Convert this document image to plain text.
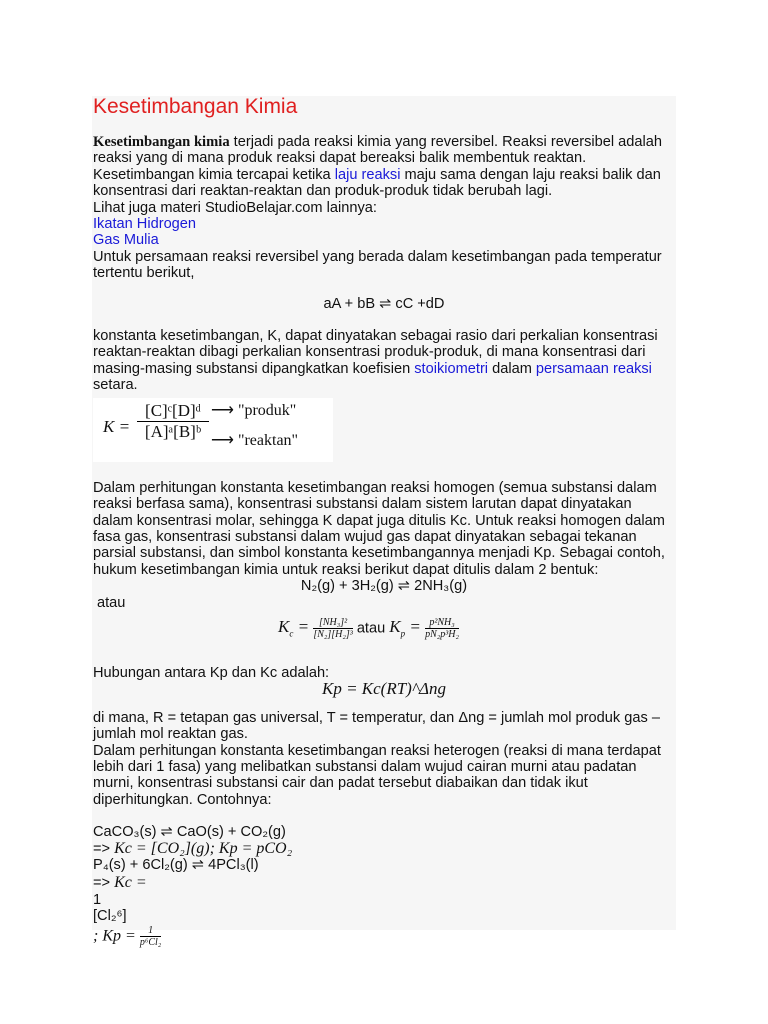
Kesetimbangan Kimia

Kesetimbangan kimia terjadi pada reaksi kimia yang reversibel. Reaksi reversibel adalah reaksi yang di mana produk reaksi dapat bereaksi balik membentuk reaktan. Kesetimbangan kimia tercapai ketika laju reaksi maju sama dengan laju reaksi balik dan konsentrasi dari reaktan-reaktan dan produk-produk tidak berubah lagi.

Lihat juga materi StudioBelajar.com lainnya:

Ikatan Hidrogen

Gas Mulia

Untuk persamaan reaksi reversibel yang berada dalam kesetimbangan pada temperatur tertentu berikut,

aA + bB ⇌ cC +dD

konstanta kesetimbangan, K, dapat dinyatakan sebagai rasio dari perkalian konsentrasi reaktan-reaktan dibagi perkalian konsentrasi produk-produk, di mana konsentrasi dari masing-masing substansi dipangkatkan koefisien stoikiometri dalam persamaan reaksi setara.

K =
[C]ᶜ[D]ᵈ
[A]ᵃ[B]ᵇ
⟶ "produk"
⟶ "reaktan"

Dalam perhitungan konstanta kesetimbangan reaksi homogen (semua substansi dalam reaksi berfasa sama), konsentrasi substansi dalam sistem larutan dapat dinyatakan dalam konsentrasi molar, sehingga K dapat juga ditulis Kc. Untuk reaksi homogen dalam fasa gas, konsentrasi substansi dalam wujud gas dapat dinyatakan sebagai tekanan parsial substansi, dan simbol konstanta kesetimbangannya menjadi Kp. Sebagai contoh, hukum kesetimbangan kimia untuk reaksi berikut dapat ditulis dalam 2 bentuk:

N₂(g) + 3H₂(g) ⇌ 2NH₃(g)

atau

$K_c = \frac{\text{[NH₃]²}}{\text{[N₂][H₂]³}}$ atau $K_p = \frac{\text{p²NH₃}}{\text{pN₂p³H₂}}$

Hubungan antara Kp dan Kc adalah:

Kp = Kc(RT)^Δng

di mana, R = tetapan gas universal, T = temperatur, dan Δng = jumlah mol produk gas – jumlah mol reaktan gas.

Dalam perhitungan konstanta kesetimbangan reaksi heterogen (reaksi di mana terdapat lebih dari 1 fasa) yang melibatkan substansi dalam wujud cairan murni atau padatan murni, konsentrasi substansi cair dan padat tersebut diabaikan dan tidak ikut diperhitungkan. Contohnya:

CaCO₃(s) ⇌ CaO(s) + CO₂(g)

=> Kc = [CO₂](g); Kp = pCO₂

P₄(s) + 6Cl₂(g) ⇌ 4PCl₃(l)

=> Kc =

1
[Cl₂⁶]
; $Kp = \frac{1}{\text{p⁶Cl₂}}$
